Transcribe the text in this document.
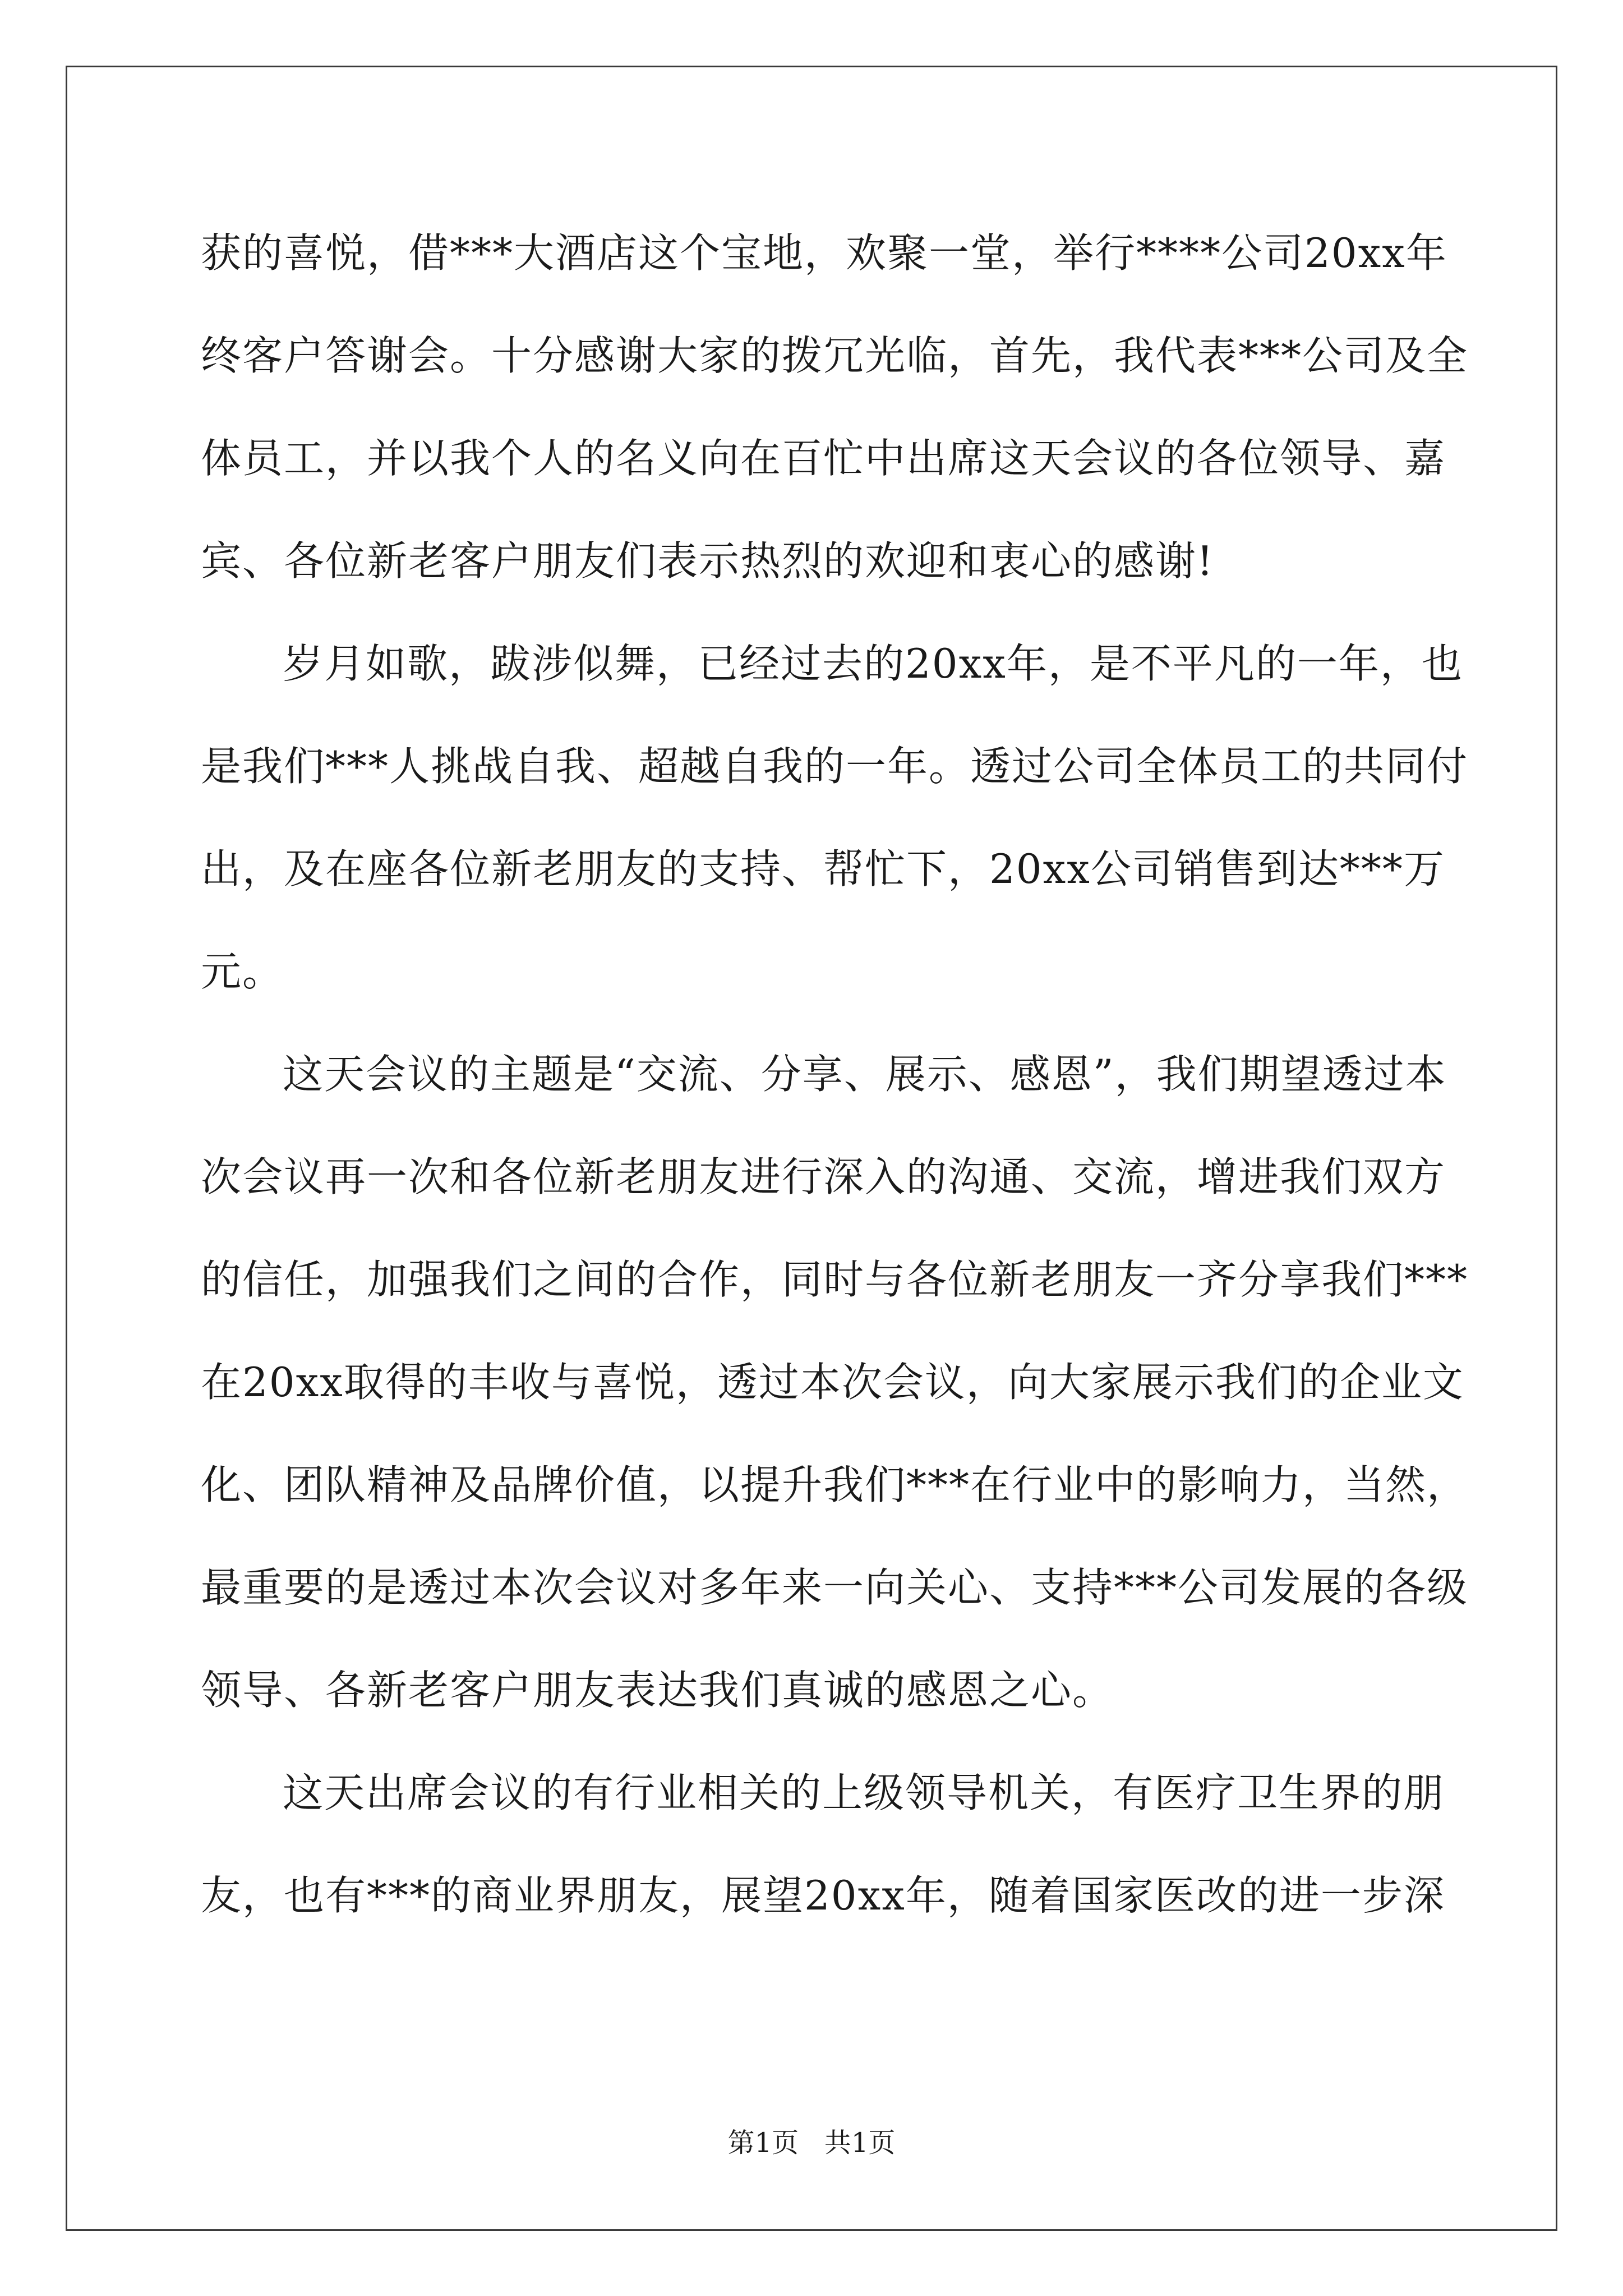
获的喜悦，借***大酒店这个宝地，欢聚一堂，举行****公司20xx年
终客户答谢会。十分感谢大家的拨冗光临，首先，我代表***公司及全
体员工，并以我个人的名义向在百忙中出席这天会议的各位领导、嘉
宾、各位新老客户朋友们表示热烈的欢迎和衷心的感谢!
岁月如歌，跋涉似舞，已经过去的20xx年，是不平凡的一年，也
是我们***人挑战自我、超越自我的一年。透过公司全体员工的共同付
出，及在座各位新老朋友的支持、帮忙下，20xx公司销售到达***万
元。
这天会议的主题是“交流、分享、展示、感恩”，我们期望透过本
次会议再一次和各位新老朋友进行深入的沟通、交流，增进我们双方
的信任，加强我们之间的合作，同时与各位新老朋友一齐分享我们***
在20xx取得的丰收与喜悦，透过本次会议，向大家展示我们的企业文
化、团队精神及品牌价值，以提升我们***在行业中的影响力，当然，
最重要的是透过本次会议对多年来一向关心、支持***公司发展的各级
领导、各新老客户朋友表达我们真诚的感恩之心。
这天出席会议的有行业相关的上级领导机关，有医疗卫生界的朋
友，也有***的商业界朋友，展望20xx年，随着国家医改的进一步深
第1页   共1页
